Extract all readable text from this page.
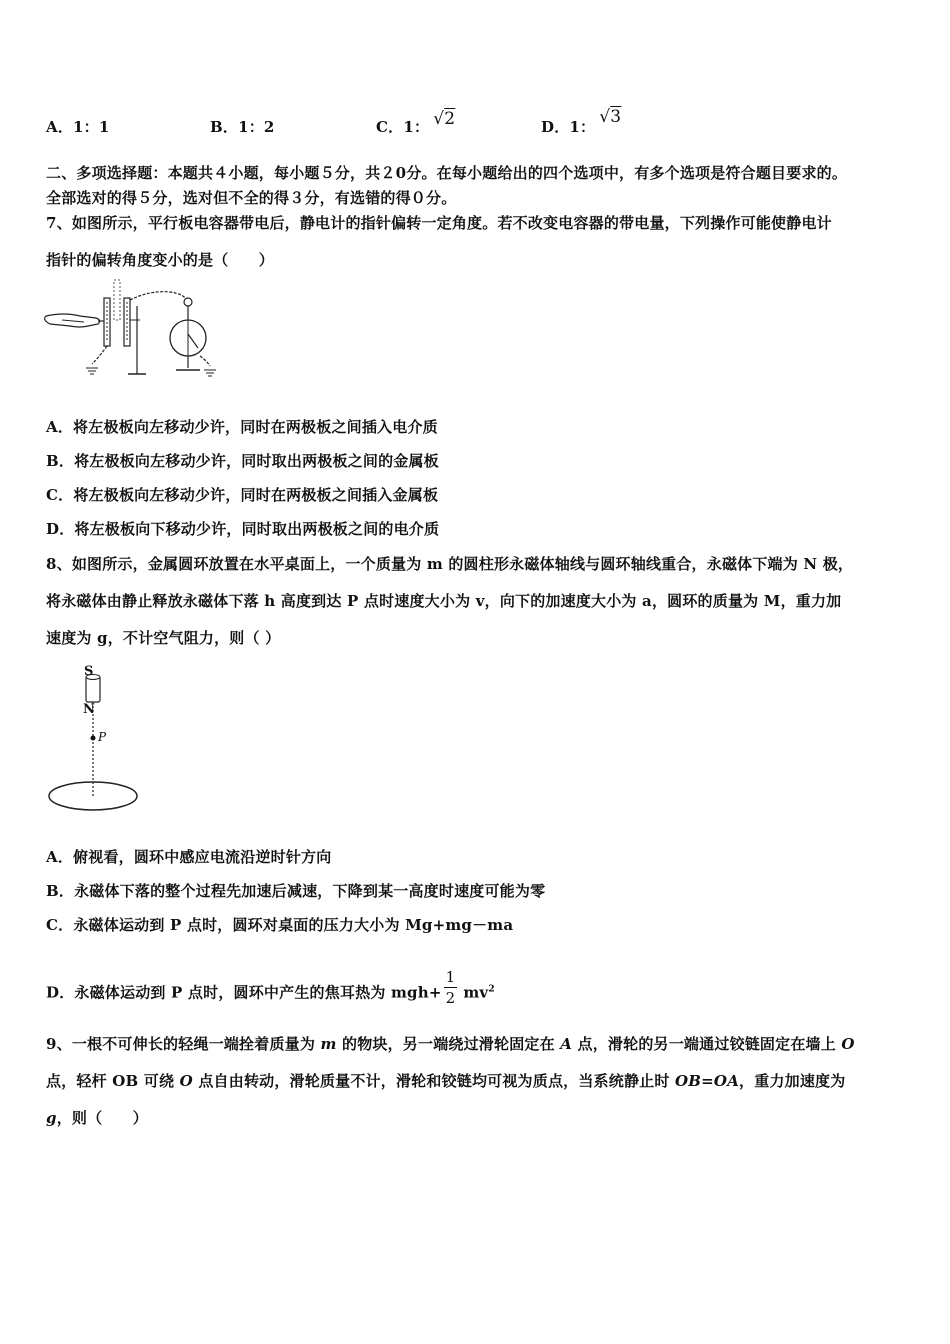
A．1：1	B．1：2	C．1： √2	D．1： √3
二、多项选择题：本题共４小题，每小题５分，共２0分。在每小题给出的四个选项中，有多个选项是符合题目要求的。
全部选对的得５分，选对但不全的得３分，有选错的得０分。
7、如图所示，平行板电容器带电后，静电计的指针偏转一定角度。若不改变电容器的带电量，下列操作可能使静电计
指针的偏转角度变小的是（　　）
A．将左极板向左移动少许，同时在两极板之间插入电介质
B．将左极板向左移动少许，同时取出两极板之间的金属板
C．将左极板向左移动少许，同时在两极板之间插入金属板
D．将左极板向下移动少许，同时取出两极板之间的电介质
8、如图所示，金属圆环放置在水平桌面上，一个质量为 m 的圆柱形永磁体轴线与圆环轴线重合，永磁体下端为 N 极，
将永磁体由静止释放永磁体下落 h 高度到达 P 点时速度大小为 v，向下的加速度大小为 a，圆环的质量为 M，重力加
速度为 g，不计空气阻力，则（ ）
S
N
P
A．俯视看，圆环中感应电流沿逆时针方向
B．永磁体下落的整个过程先加速后减速，下降到某一高度时速度可能为零
C．永磁体运动到 P 点时，圆环对桌面的压力大小为 Mg+mg－ma
D．永磁体运动到 P 点时，圆环中产生的焦耳热为 $mgh+ \frac{1}{2} mv^2$
9、一根不可伸长的轻绳一端拴着质量为 m 的物块，另一端绕过滑轮固定在 A 点，滑轮的另一端通过铰链固定在墙上 O
点，轻杆 OB 可绕 O 点自由转动，滑轮质量不计，滑轮和铰链均可视为质点，当系统静止时 OB=OA，重力加速度为
g，则（　　）
